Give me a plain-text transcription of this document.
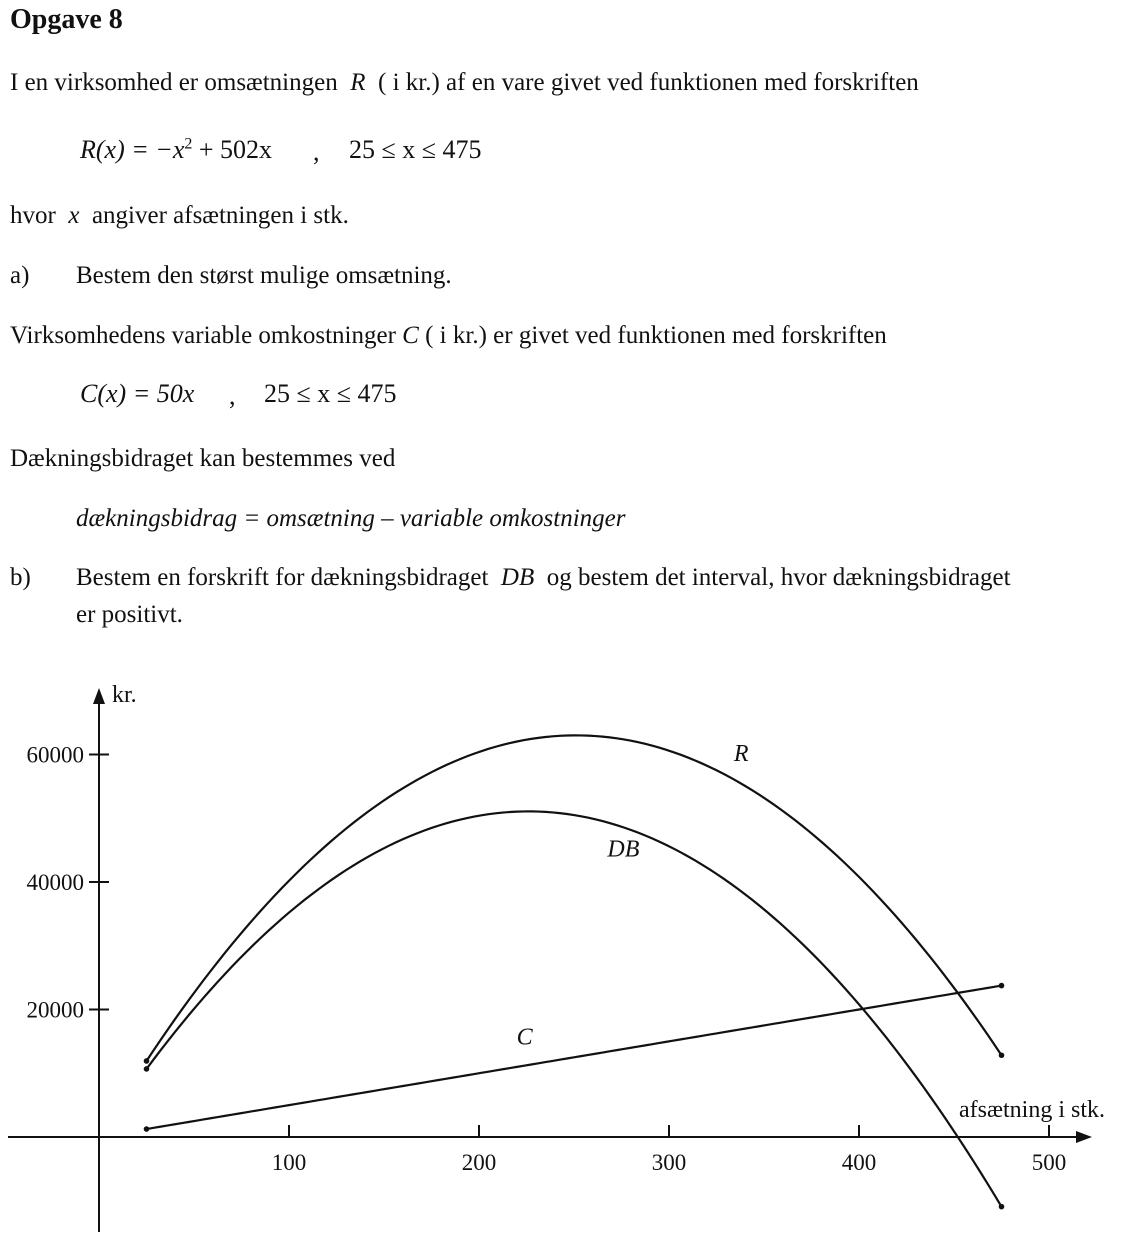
Opgave 8
I en virksomhed er omsætningen R ( i kr.) af en vare givet ved funktionen med forskriften
$R(x) = -x^2 + 502x$ , 25 ≤ x ≤ 475
hvor x angiver afsætningen i stk.
a) Bestem den størst mulige omsætning.
Virksomhedens variable omkostninger C ( i kr.) er givet ved funktionen med forskriften
C(x) = 50x , 25 ≤ x ≤ 475
Dækningsbidraget kan bestemmes ved
dækningsbidrag = omsætning – variable omkostninger
b) Bestem en forskrift for dækningsbidraget DB og bestem det interval, hvor dækningsbidraget
er positivt.
kr.
afsætning i stk.
100	200	300	400	500
20000
40000
60000	R
C
DB
